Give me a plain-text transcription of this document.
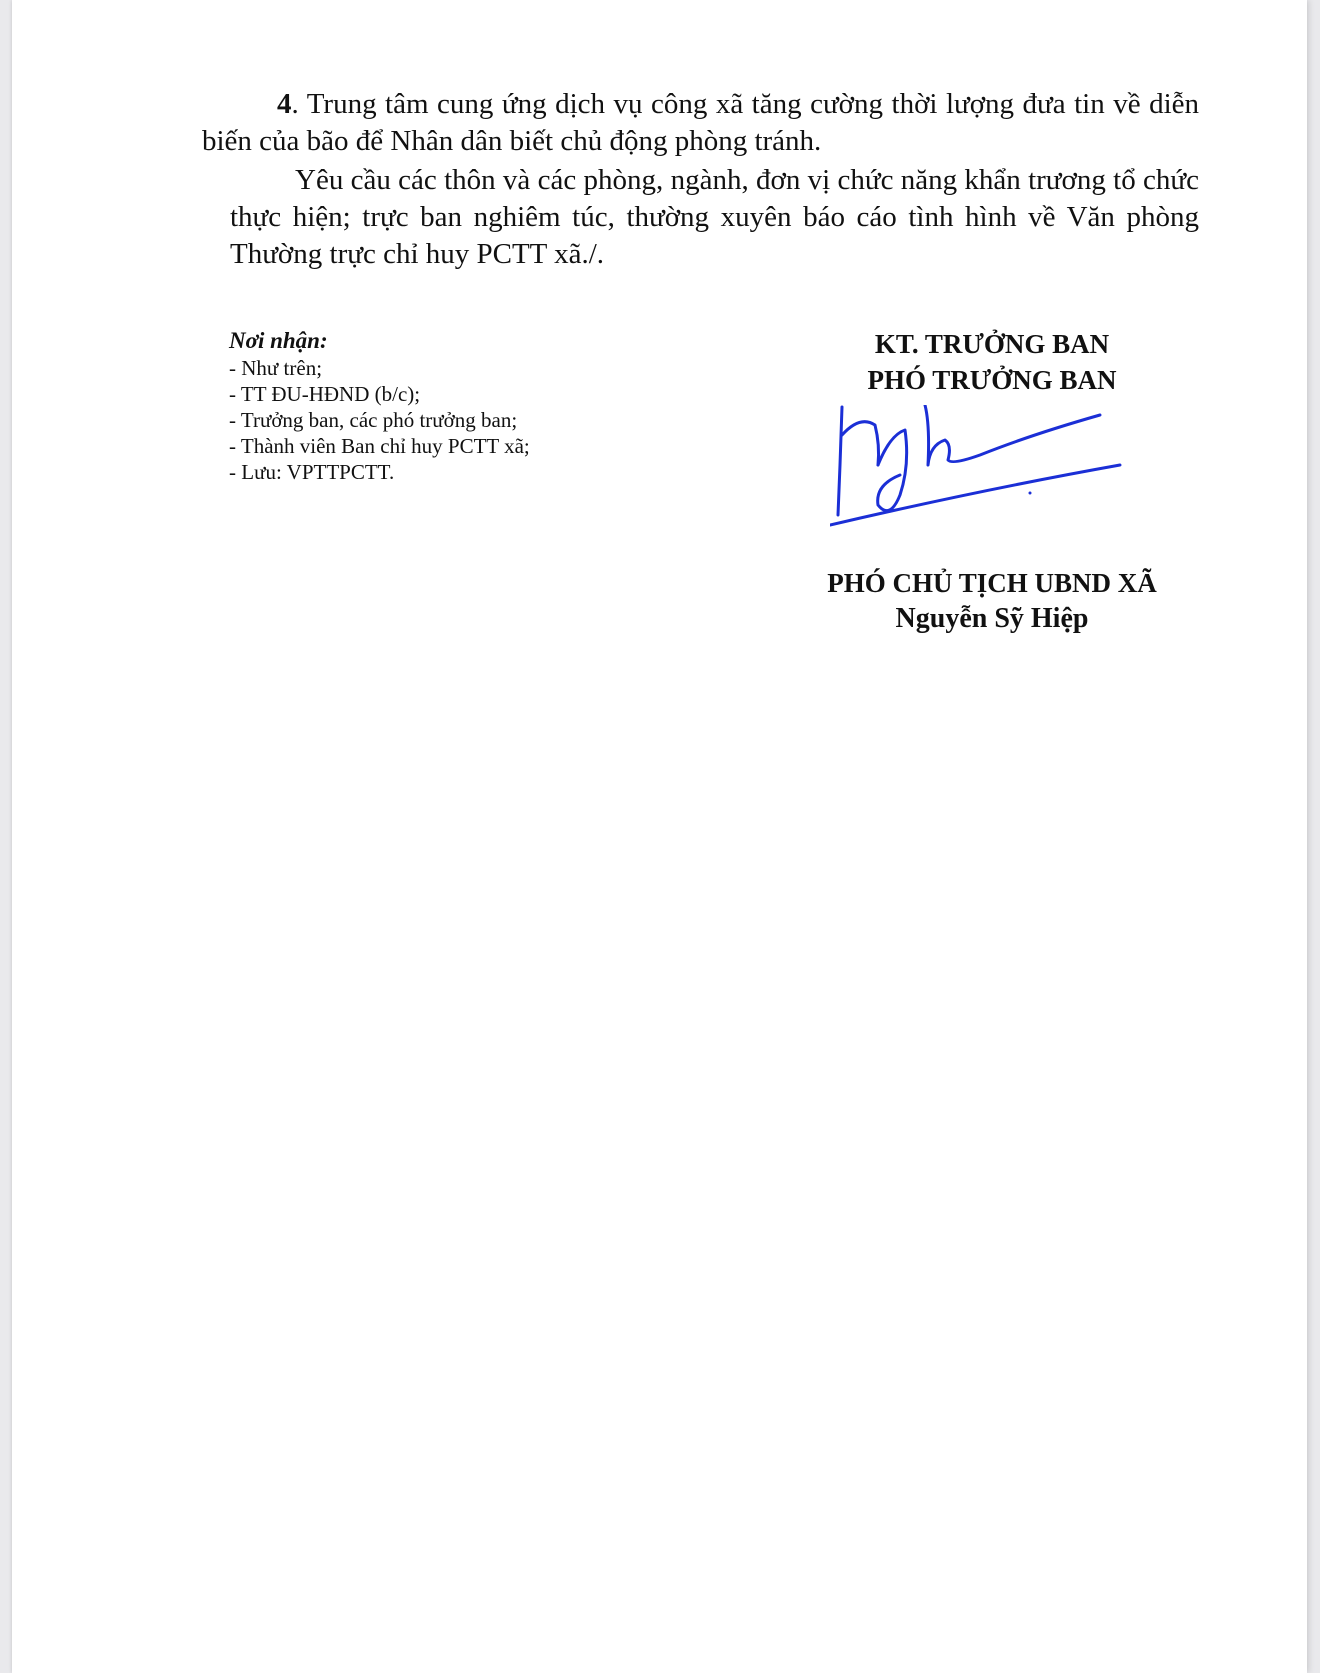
4. Trung tâm cung ứng dịch vụ công xã tăng cường thời lượng đưa tin về diễn biến của bão để Nhân dân biết chủ động phòng tránh.

Yêu cầu các thôn và các phòng, ngành, đơn vị chức năng khẩn trương tổ chức thực hiện; trực ban nghiêm túc, thường xuyên báo cáo tình hình về Văn phòng Thường trực chỉ huy PCTT xã./.

Nơi nhận:
- Như trên;
- TT ĐU-HĐND (b/c);
- Trưởng ban, các phó trưởng ban;
- Thành viên Ban chỉ huy PCTT xã;
- Lưu: VPTTPCTT.
KT. TRƯỞNG BAN
PHÓ TRƯỞNG BAN
PHÓ CHỦ TỊCH UBND XÃ
Nguyễn Sỹ Hiệp
